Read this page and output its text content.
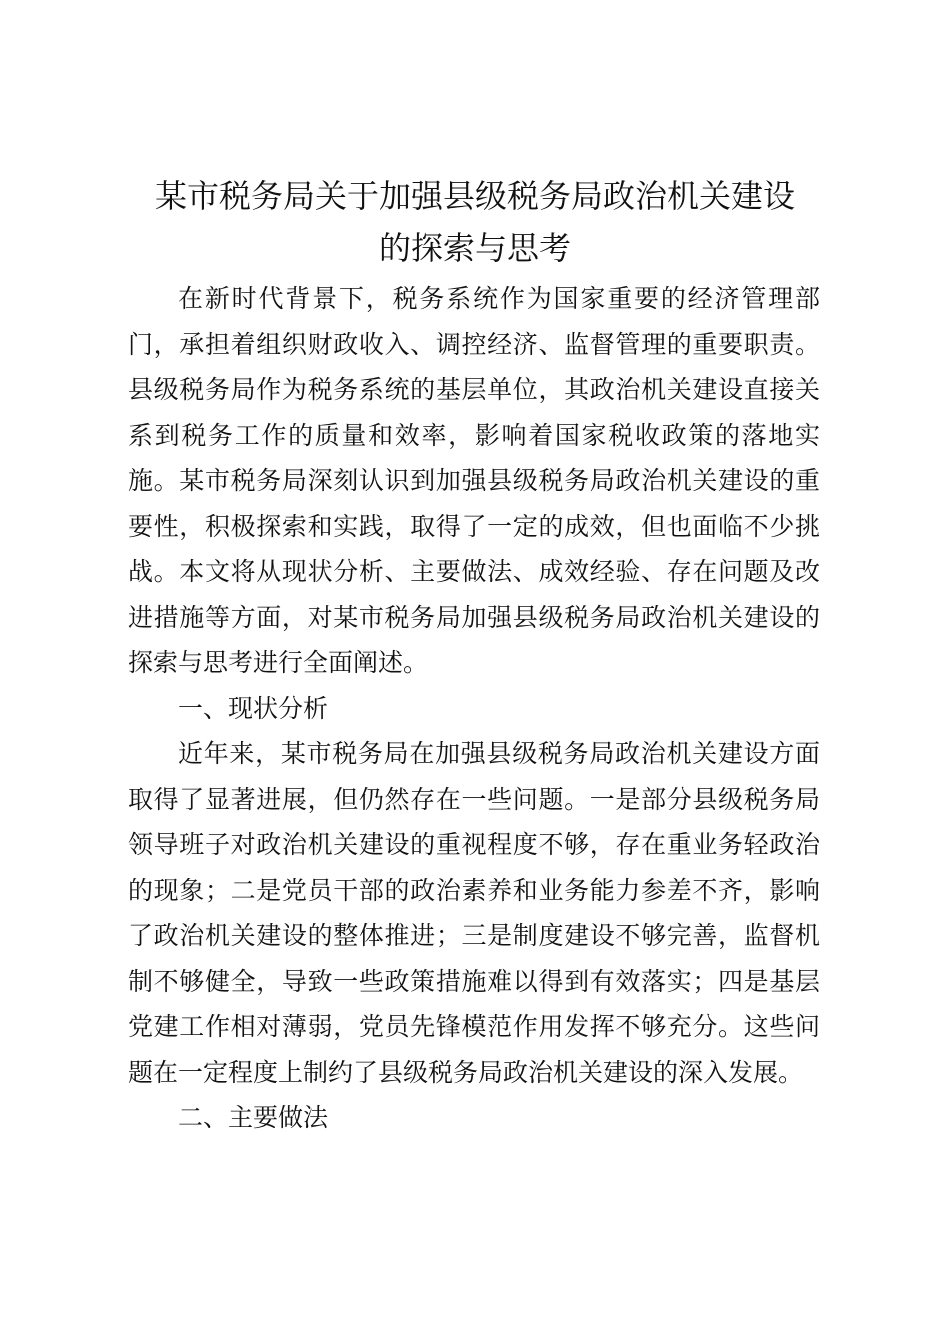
某市税务局关于加强县级税务局政治机关建设
的探索与思考

在新时代背景下，税务系统作为国家重要的经济管理部门，承担着组织财政收入、调控经济、监督管理的重要职责。县级税务局作为税务系统的基层单位，其政治机关建设直接关系到税务工作的质量和效率，影响着国家税收政策的落地实施。某市税务局深刻认识到加强县级税务局政治机关建设的重要性，积极探索和实践，取得了一定的成效，但也面临不少挑战。本文将从现状分析、主要做法、成效经验、存在问题及改进措施等方面，对某市税务局加强县级税务局政治机关建设的探索与思考进行全面阐述。

一、现状分析

近年来，某市税务局在加强县级税务局政治机关建设方面取得了显著进展，但仍然存在一些问题。一是部分县级税务局领导班子对政治机关建设的重视程度不够，存在重业务轻政治的现象；二是党员干部的政治素养和业务能力参差不齐，影响了政治机关建设的整体推进；三是制度建设不够完善，监督机制不够健全，导致一些政策措施难以得到有效落实；四是基层党建工作相对薄弱，党员先锋模范作用发挥不够充分。这些问题在一定程度上制约了县级税务局政治机关建设的深入发展。

二、主要做法
